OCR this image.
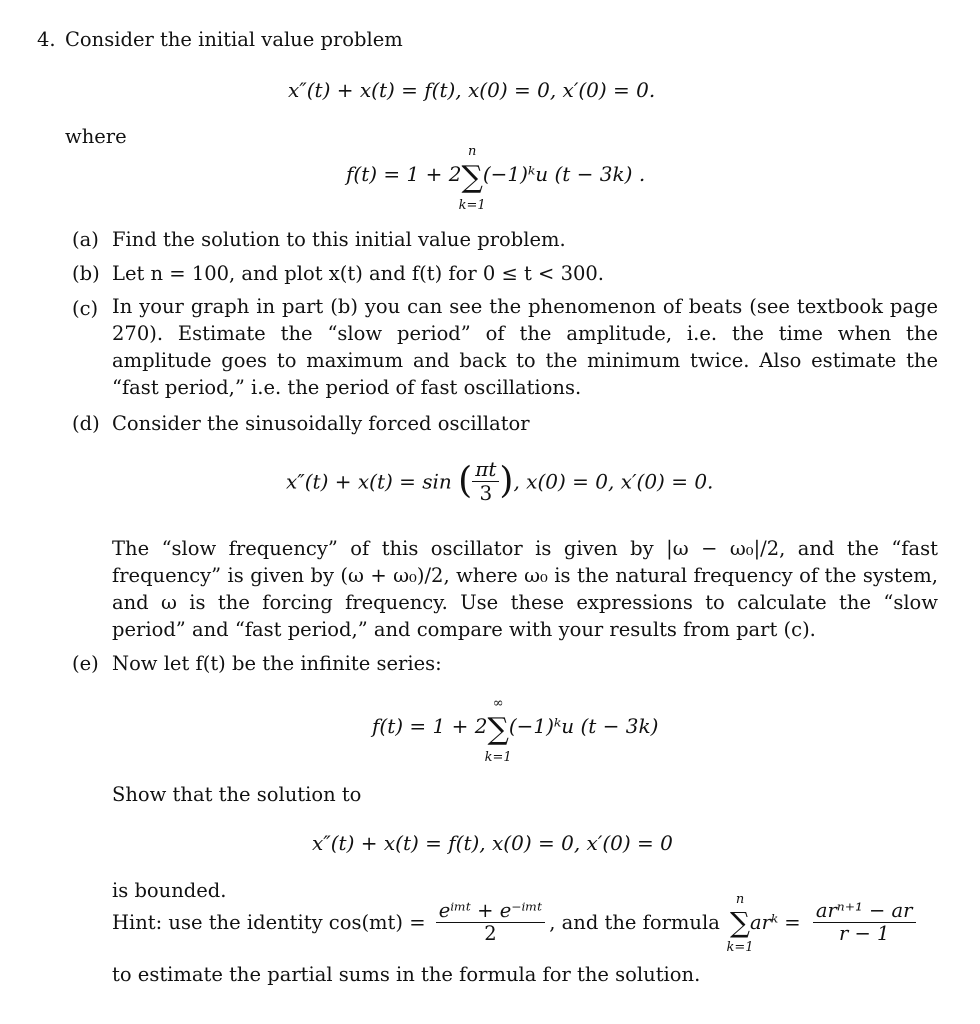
4. Consider the initial value problem
x″(t) + x(t) = f(t), x(0) = 0, x′(0) = 0.
where
f(t) = 1 + 2∑
n
k=1
(−1)ᵏu (t − 3k) .
(a) Find the solution to this initial value problem.
(b) Let n = 100, and plot x(t) and f(t) for 0 ≤ t < 300.
(c) In your graph in part (b) you can see the phenomenon of beats (see textbook page 270). Estimate the “slow period” of the amplitude, i.e. the time when the amplitude goes to maximum and back to the minimum twice. Also estimate the “fast period,” i.e. the period of fast oscillations.
(d) Consider the sinusoidally forced oscillator
x″(t) + x(t) = sin ( $\frac{\pi t}{3}$ ), x(0) = 0, x′(0) = 0.
The “slow frequency” of this oscillator is given by |ω − ω₀|/2, and the “fast frequency” is given by (ω + ω₀)/2, where ω₀ is the natural frequency of the system, and ω is the forcing frequency. Use these expressions to calculate the “slow period” and “fast period,” and compare with your results from part (c).
(e) Now let f(t) be the infinite series:
f(t) = 1 + 2∑
∞
k=1
(−1)ᵏu (t − 3k)
Show that the solution to
x″(t) + x(t) = f(t), x(0) = 0, x′(0) = 0
is bounded.
Hint: use the identity $\cos(mt) = \frac{\text{eⁱᵐᵗ + e⁻ⁱᵐᵗ}}{2}$ , and the formula ∑
n
k=1
arᵏ = $\frac{\text{arⁿ⁺¹ − ar}}{r - 1}$
to estimate the partial sums in the formula for the solution.
